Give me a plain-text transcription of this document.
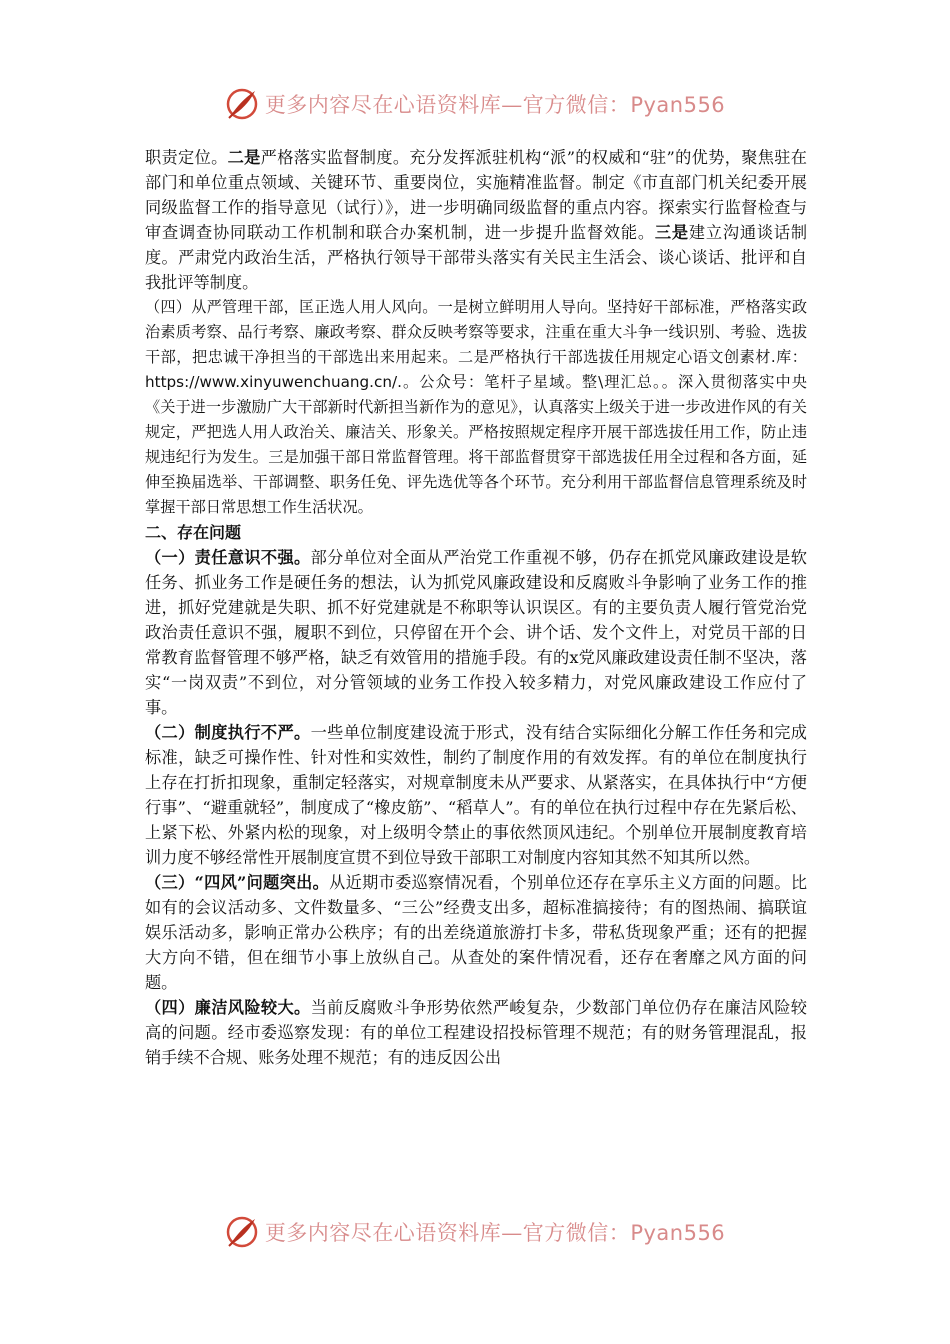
更多内容尽在心语资料库—官方微信：Pyan556

职责定位。二是严格落实监督制度。充分发挥派驻机构“派”的权威和“驻”的优势，聚焦驻在部门和单位重点领域、关键环节、重要岗位，实施精准监督。制定《市直部门机关纪委开展同级监督工作的指导意见（试行）》，进一步明确同级监督的重点内容。探索实行监督检查与审查调查协同联动工作机制和联合办案机制，进一步提升监督效能。三是建立沟通谈话制度。严肃党内政治生活，严格执行领导干部带头落实有关民主生活会、谈心谈话、批评和自我批评等制度。

（四）从严管理干部，匡正选人用人风向。一是树立鲜明用人导向。坚持好干部标准，严格落实政治素质考察、品行考察、廉政考察、群众反映考察等要求，注重在重大斗争一线识别、考验、选拔干部，把忠诚干净担当的干部选出来用起来。二是严格执行干部选拔任用规定心语文创素材.库：https://www.xinyuwenchuang.cn/.。公众号：笔杆子星域。整\理汇总。。深入贯彻落实中央《关于进一步激励广大干部新时代新担当新作为的意见》，认真落实上级关于进一步改进作风的有关规定，严把选人用人政治关、廉洁关、形象关。严格按照规定程序开展干部选拔任用工作，防止违规违纪行为发生。三是加强干部日常监督管理。将干部监督贯穿干部选拔任用全过程和各方面，延伸至换届选举、干部调整、职务任免、评先选优等各个环节。充分利用干部监督信息管理系统及时掌握干部日常思想工作生活状况。

二、存在问题

（一）责任意识不强。部分单位对全面从严治党工作重视不够，仍存在抓党风廉政建设是软任务、抓业务工作是硬任务的想法，认为抓党风廉政建设和反腐败斗争影响了业务工作的推进，抓好党建就是失职、抓不好党建就是不称职等认识误区。有的主要负责人履行管党治党政治责任意识不强，履职不到位，只停留在开个会、讲个话、发个文件上，对党员干部的日常教育监督管理不够严格，缺乏有效管用的措施手段。有的x党风廉政建设责任制不坚决，落实“一岗双责”不到位，对分管领域的业务工作投入较多精力，对党风廉政建设工作应付了事。

（二）制度执行不严。一些单位制度建设流于形式，没有结合实际细化分解工作任务和完成标准，缺乏可操作性、针对性和实效性，制约了制度作用的有效发挥。有的单位在制度执行上存在打折扣现象，重制定轻落实，对规章制度未从严要求、从紧落实，在具体执行中“方便行事”、“避重就轻”，制度成了“橡皮筋”、“稻草人”。有的单位在执行过程中存在先紧后松、上紧下松、外紧内松的现象，对上级明令禁止的事依然顶风违纪。个别单位开展制度教育培训力度不够经常性开展制度宣贯不到位导致干部职工对制度内容知其然不知其所以然。

（三）“四风”问题突出。从近期市委巡察情况看，个别单位还存在享乐主义方面的问题。比如有的会议活动多、文件数量多、“三公”经费支出多，超标准搞接待；有的图热闹、搞联谊娱乐活动多，影响正常办公秩序；有的出差绕道旅游打卡多，带私货现象严重；还有的把握大方向不错，但在细节小事上放纵自己。从查处的案件情况看，还存在奢靡之风方面的问题。

（四）廉洁风险较大。当前反腐败斗争形势依然严峻复杂，少数部门单位仍存在廉洁风险较高的问题。经市委巡察发现：有的单位工程建设招投标管理不规范；有的财务管理混乱，报销手续不合规、账务处理不规范；有的违反因公出

更多内容尽在心语资料库—官方微信：Pyan556
